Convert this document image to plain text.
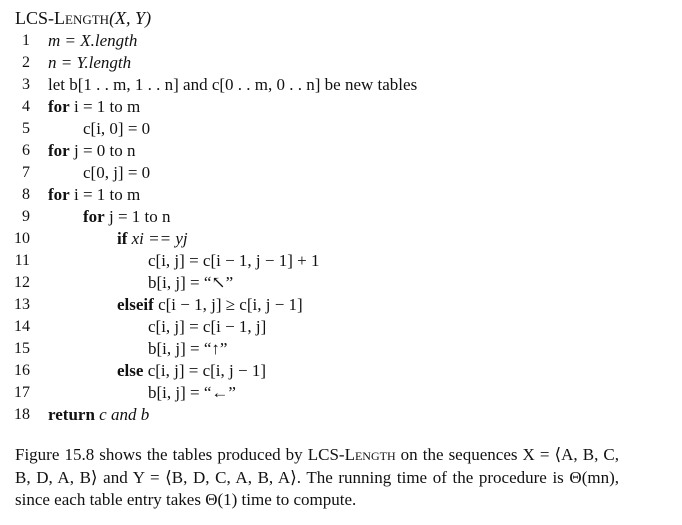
LCS-Length(X, Y)
1 m = X.length
2 n = Y.length
3 let b[1 . . m, 1 . . n] and c[0 . . m, 0 . . n] be new tables
4 for i = 1 to m
5	c[i, 0] = 0
6 for j = 0 to n
7	c[0, j] = 0
8 for i = 1 to m
9	for j = 1 to n
10	if xi == yj
11	c[i, j] = c[i − 1, j − 1] + 1
12	b[i, j] = “↖”
13	elseif c[i − 1, j] ≥ c[i, j − 1]
14	c[i, j] = c[i − 1, j]
15	b[i, j] = “↑”
16	else c[i, j] = c[i, j − 1]
17	b[i, j] = “←”
18 return c and b
Figure 15.8 shows the tables produced by LCS-Length on the sequences X = ⟨A, B, C, B, D, A, B⟩ and Y = ⟨B, D, C, A, B, A⟩. The running time of the procedure is Θ(mn), since each table entry takes Θ(1) time to compute.
